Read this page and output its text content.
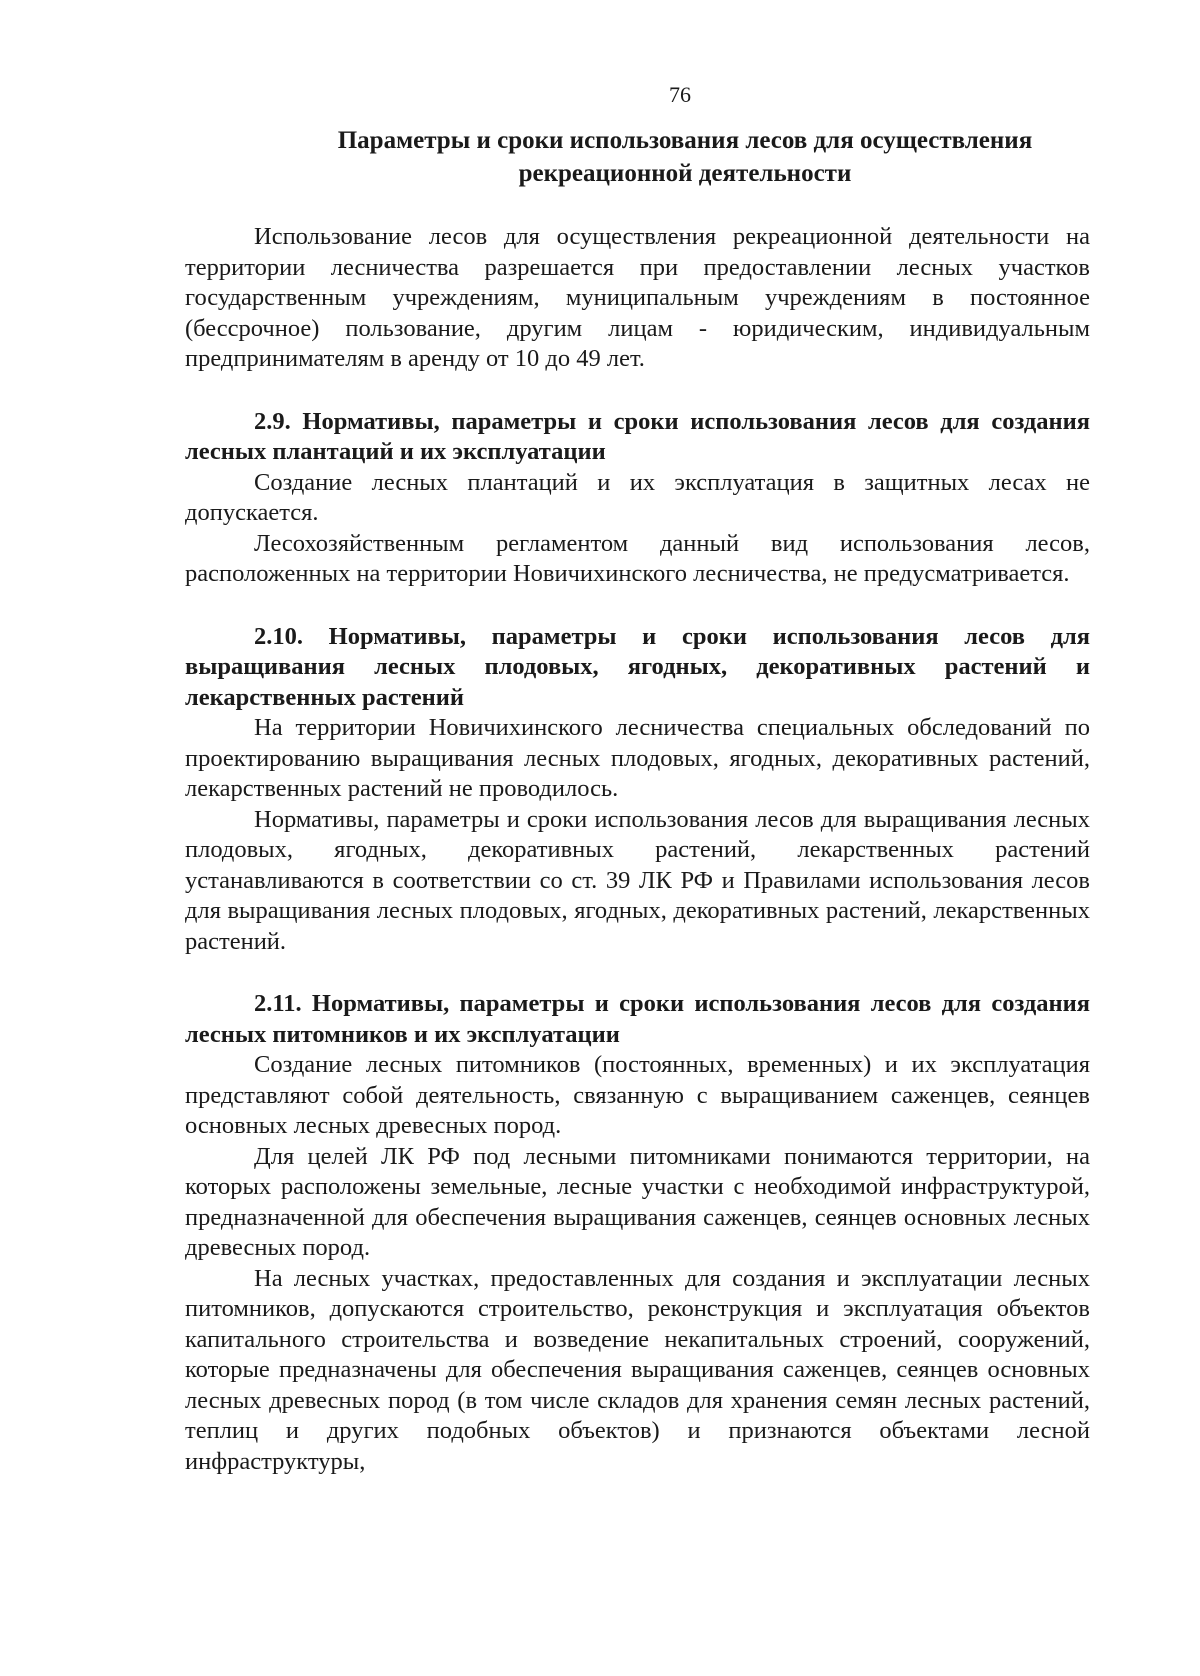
76
Параметры и сроки использования лесов для осуществления рекреационной деятельности

Использование лесов для осуществления рекреационной деятельности на территории лесничества разрешается при предоставлении лесных участков государственным учреждениям, муниципальным учреждениям в постоянное (бессрочное) пользование, другим лицам - юридическим, индивидуальным предпринимателям в аренду от 10 до 49 лет.

2.9. Нормативы, параметры и сроки использования лесов для создания лесных плантаций и их эксплуатации

Создание лесных плантаций и их эксплуатация в защитных лесах не допускается.

Лесохозяйственным регламентом данный вид использования лесов, расположенных на территории Новичихинского лесничества, не предусматривается.

2.10. Нормативы, параметры и сроки использования лесов для выращивания лесных плодовых, ягодных, декоративных растений и лекарственных растений

На территории Новичихинского лесничества специальных обследований по проектированию выращивания лесных плодовых, ягодных, декоративных растений, лекарственных растений не проводилось.

Нормативы, параметры и сроки использования лесов для выращивания лесных плодовых, ягодных, декоративных растений, лекарственных растений устанавливаются в соответствии со ст. 39 ЛК РФ и Правилами использования лесов для выращивания лесных плодовых, ягодных, декоративных растений, лекарственных растений.

2.11. Нормативы, параметры и сроки использования лесов для создания лесных питомников и их эксплуатации

Создание лесных питомников (постоянных, временных) и их эксплуатация представляют собой деятельность, связанную с выращиванием саженцев, сеянцев основных лесных древесных пород.

Для целей ЛК РФ под лесными питомниками понимаются территории, на которых расположены земельные, лесные участки с необходимой инфраструктурой, предназначенной для обеспечения выращивания саженцев, сеянцев основных лесных древесных пород.

На лесных участках, предоставленных для создания и эксплуатации лесных питомников, допускаются строительство, реконструкция и эксплуатация объектов капитального строительства и возведение некапитальных строений, сооружений, которые предназначены для обеспечения выращивания саженцев, сеянцев основных лесных древесных пород (в том числе складов для хранения семян лесных растений, теплиц и других подобных объектов) и признаются объектами лесной инфраструктуры,
